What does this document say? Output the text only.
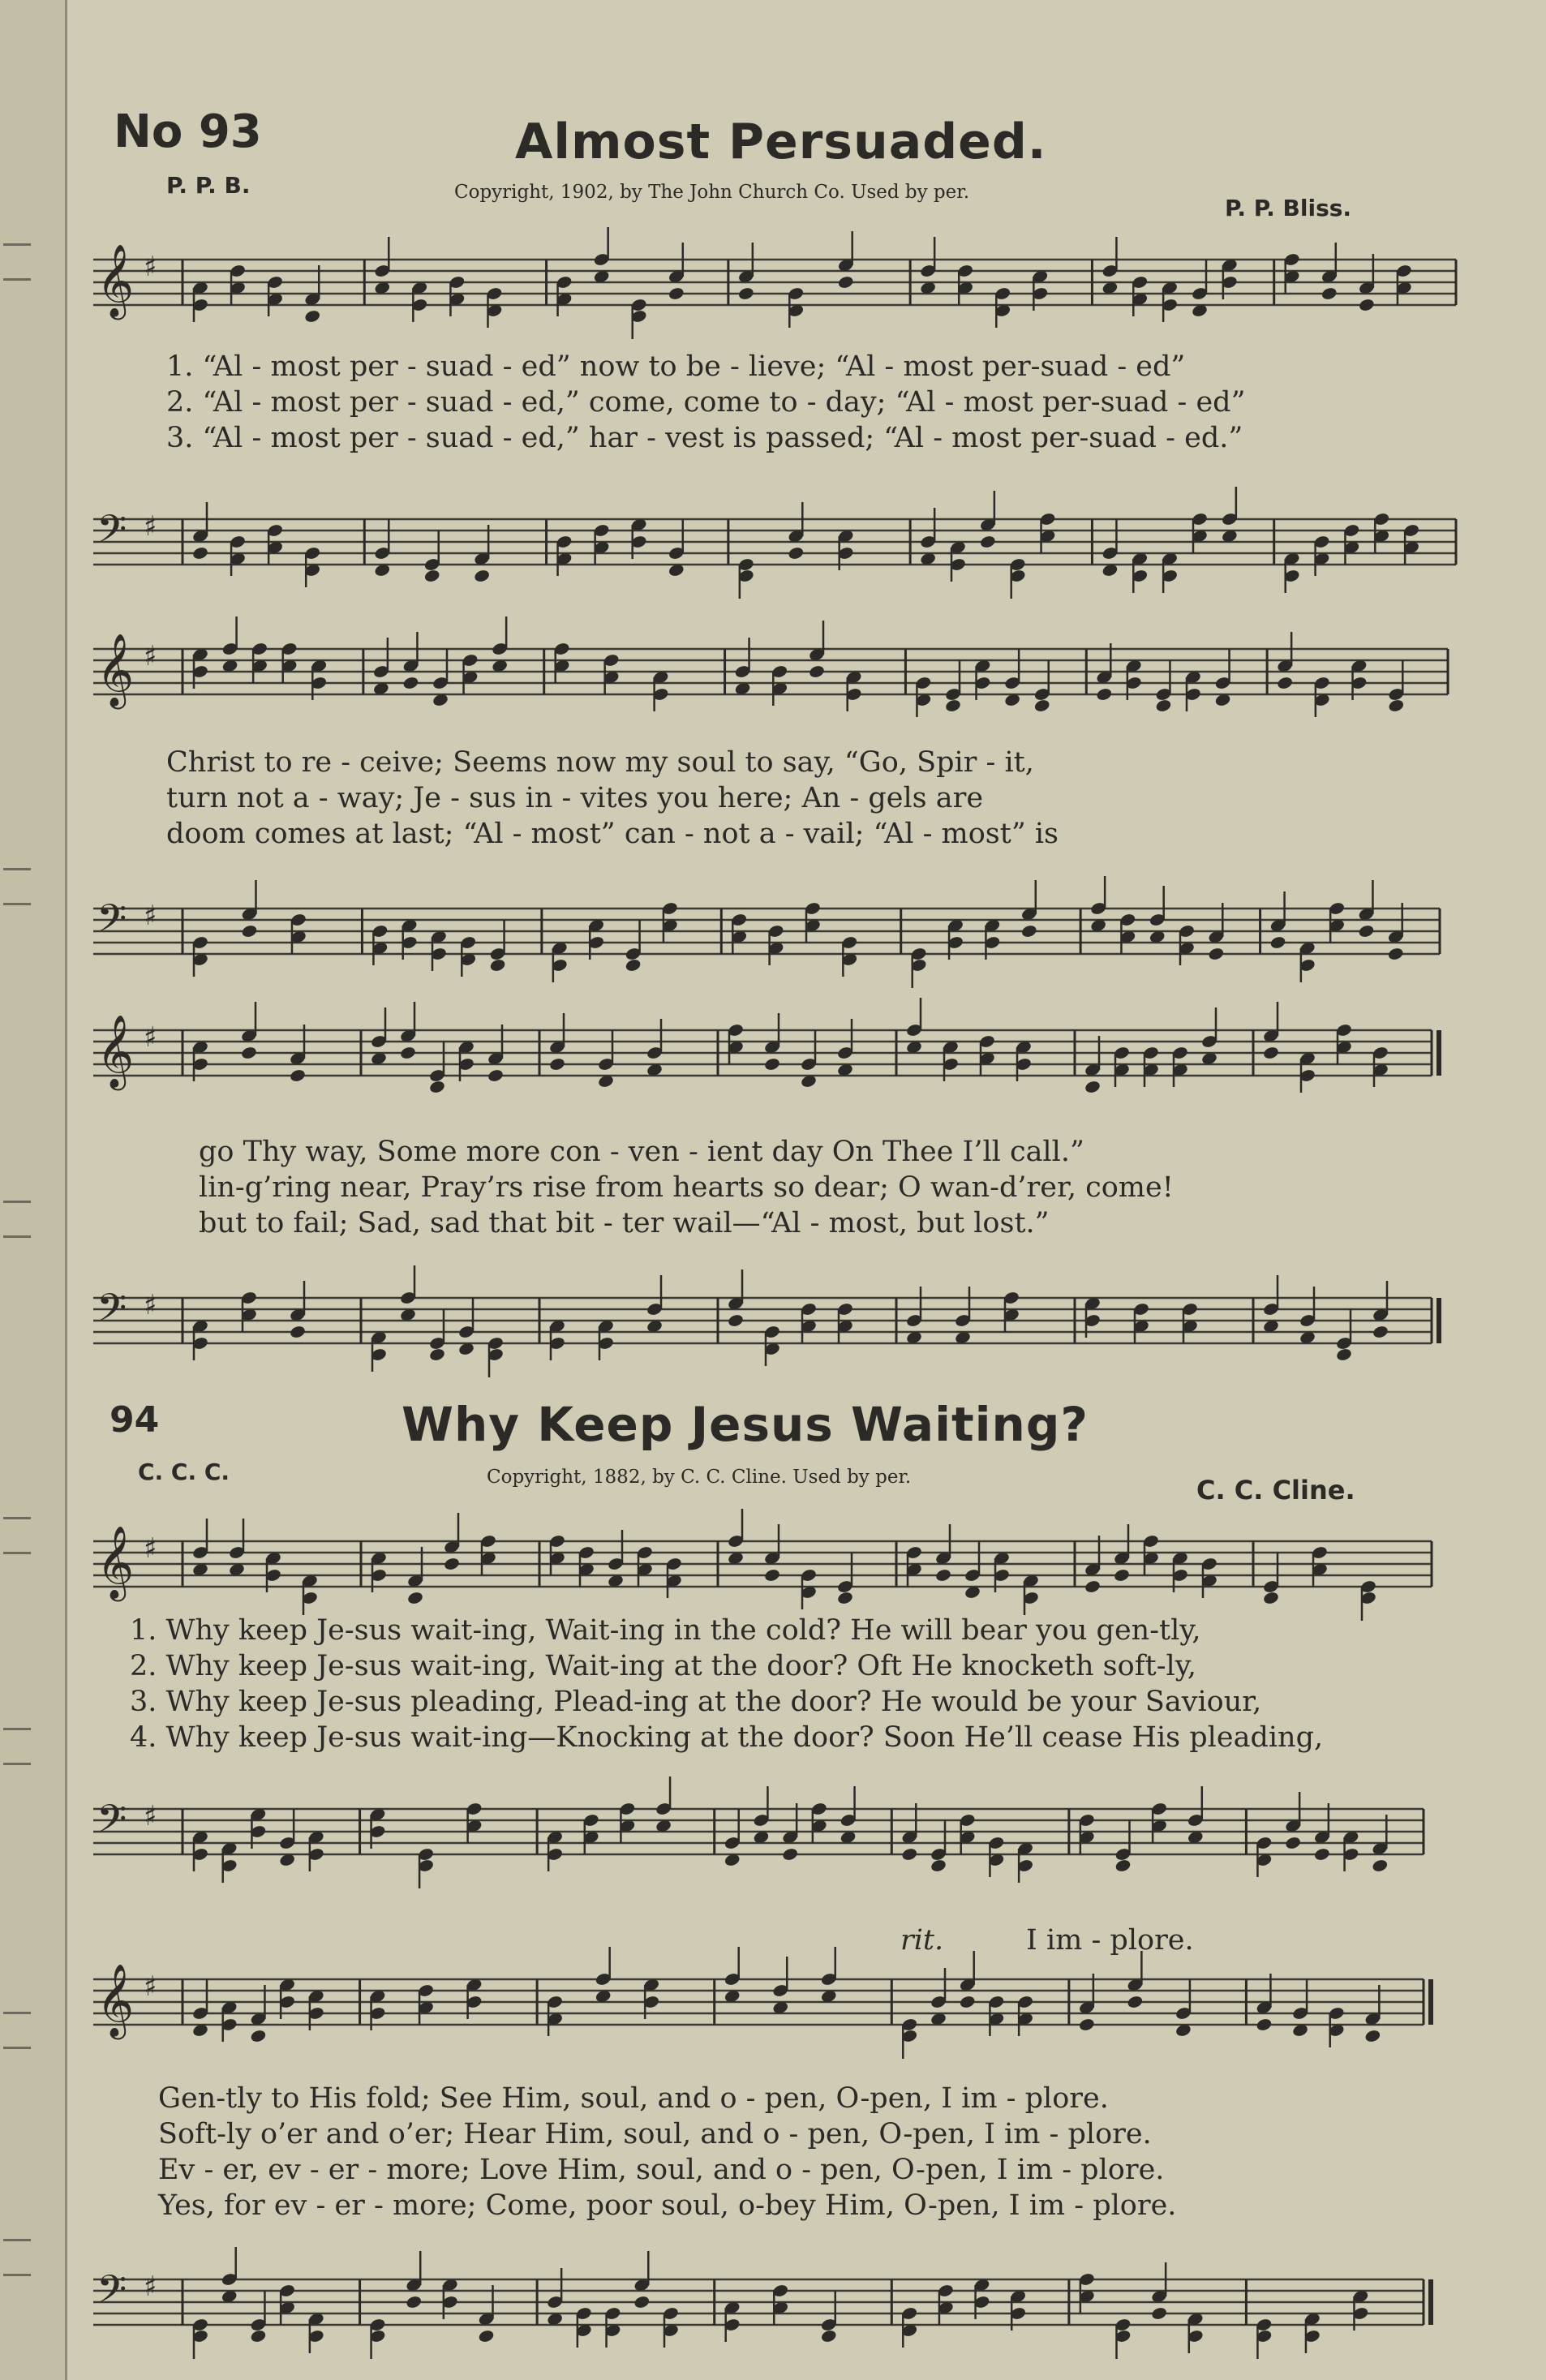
No 93	Almost Persuaded.
P. P. B.	Copyright, 1902, by The John Church Co. Used by per.
P. P. Bliss.
𝄞 ♯
1. “Al - most per - suad - ed” now to be - lieve; “Al - most per-suad - ed”
2. “Al - most per - suad - ed,” come, come to - day; “Al - most per-suad - ed”
3. “Al - most per - suad - ed,” har - vest is passed; “Al - most per-suad - ed.”
𝄢 ♯
𝄞 ♯
Christ to re - ceive; Seems now my soul to say, “Go, Spir - it,
turn not a - way; Je - sus in - vites you here; An - gels are
doom comes at last; “Al - most” can - not a - vail; “Al - most” is
𝄢 ♯
𝄞 ♯
go Thy way, Some more con - ven - ient day On Thee I’ll call.”
lin-g’ring near, Pray’rs rise from hearts so dear; O wan-d’rer, come!
but to fail; Sad, sad that bit - ter wail—“Al - most, but lost.”
𝄢 ♯
94	Why Keep Jesus Waiting?
C. C. C.	Copyright, 1882, by C. C. Cline. Used by per.	C. C. Cline.
𝄞 ♯
1. Why keep Je-sus wait-ing, Wait-ing in the cold? He will bear you gen-tly,
2. Why keep Je-sus wait-ing, Wait-ing at the door? Oft He knocketh soft-ly,
3. Why keep Je-sus pleading, Plead-ing at the door? He would be your Saviour,
4. Why keep Je-sus wait-ing—Knocking at the door? Soon He’ll cease His pleading,
𝄢 ♯
rit.	I im - plore.
𝄞 ♯
Gen-tly to His fold; See Him, soul, and o - pen, O-pen, I im - plore.
Soft-ly o’er and o’er; Hear Him, soul, and o - pen, O-pen, I im - plore.
Ev - er, ev - er - more; Love Him, soul, and o - pen, O-pen, I im - plore.
Yes, for ev - er - more; Come, poor soul, o-bey Him, O-pen, I im - plore.
𝄢 ♯
